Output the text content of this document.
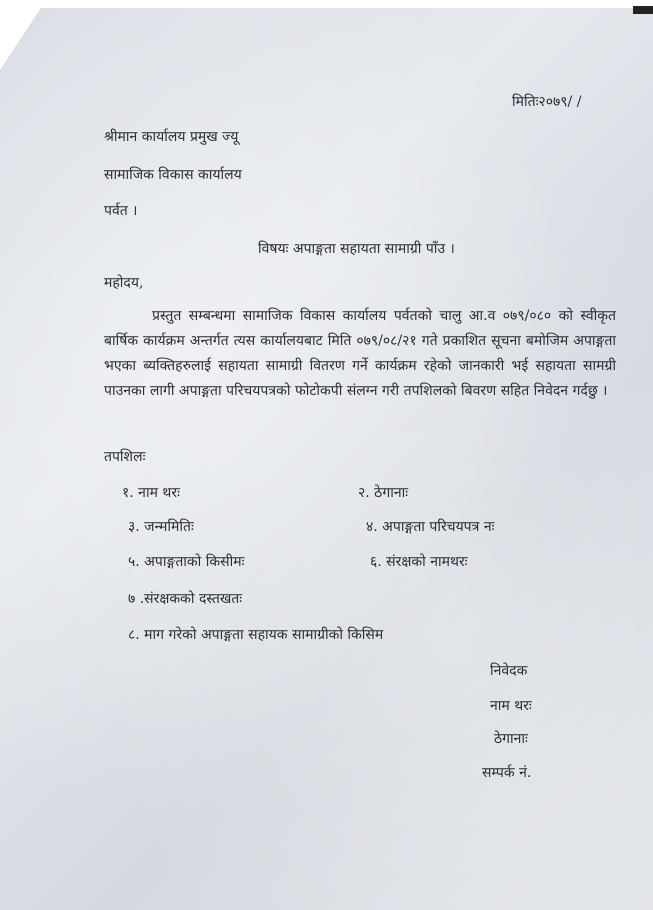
मितिः२०७९/ /
श्रीमान कार्यालय प्रमुख ज्यू
सामाजिक विकास कार्यालय
पर्वत ।
विषयः अपाङ्गता सहायता सामाग्री पाँउ ।
महोदय,
प्रस्तुत सम्बन्धमा सामाजिक विकास कार्यालय पर्वतको चालु आ.व ०७९/०८० को स्वीकृत बार्षिक कार्यक्रम अन्तर्गत त्यस कार्यालयबाट मिति ०७९/०८/२१ गते प्रकाशित सूचना बमोजिम अपाङ्गता भएका ब्यक्तिहरुलाई सहायता सामाग्री वितरण गर्ने कार्यक्रम रहेको जानकारी भई सहायता सामग्री पाउनका लागी अपाङ्गता परिचयपत्रको फोटोकपी संलग्न गरी तपशिलको बिवरण सहित निवेदन गर्दछु ।
तपशिलः
१. नाम थरः	२. ठेगानाः
३. जन्ममितिः	४. अपाङ्गता परिचयपत्र नः
५. अपाङ्गताको किसीमः	६. संरक्षको नामथरः
७ .संरक्षकको दस्तखतः
८. माग गरेको अपाङ्गता सहायक सामाग्रीको किसिम
निवेदक
नाम थरः
ठेगानाः
सम्पर्क नं.
